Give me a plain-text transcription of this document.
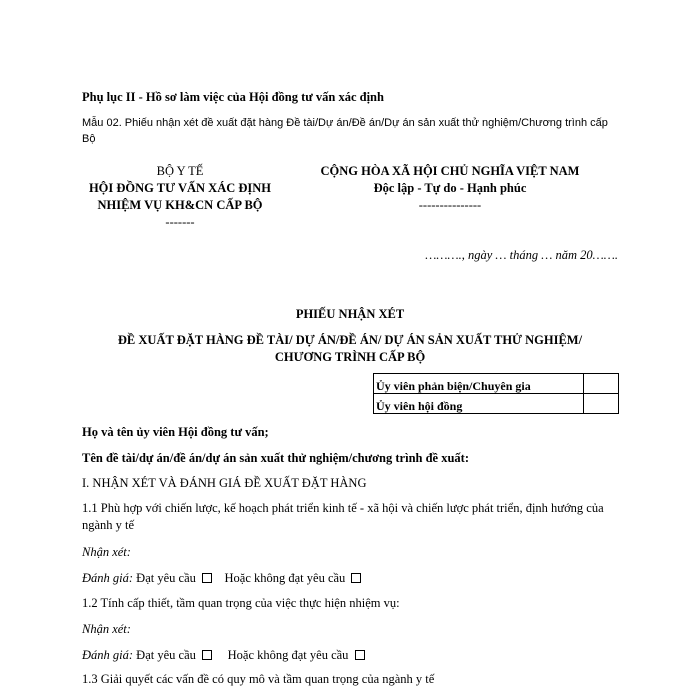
Phụ lục II - Hồ sơ làm việc của Hội đồng tư vấn xác định
Mẫu 02. Phiếu nhận xét đề xuất đặt hàng Đề tài/Dự án/Đề án/Dự án sản xuất thử nghiệm/Chương trình cấp Bộ
BỘ Y TẾ
HỘI ĐỒNG TƯ VẤN XÁC ĐỊNH
NHIỆM VỤ KH&CN CẤP BỘ
-------
CỘNG HÒA XÃ HỘI CHỦ NGHĨA VIỆT NAM
Độc lập - Tự do - Hạnh phúc
---------------
………., ngày … tháng … năm 20…….
PHIẾU NHẬN XÉT
ĐỀ XUẤT ĐẶT HÀNG ĐỀ TÀI/ DỰ ÁN/ĐỀ ÁN/ DỰ ÁN SẢN XUẤT THỬ NGHIỆM/
CHƯƠNG TRÌNH CẤP BỘ
Ủy viên phản biện/Chuyên gia	
Ủy viên hội đồng	
Họ và tên ủy viên Hội đồng tư vấn;
Tên đề tài/dự án/đề án/dự án sản xuất thử nghiệm/chương trình đề xuất:
I. NHẬN XÉT VÀ ĐÁNH GIÁ ĐỀ XUẤT ĐẶT HÀNG
1.1 Phù hợp với chiến lược, kế hoạch phát triển kinh tế - xã hội và chiến lược phát triển, định hướng của ngành y tế
Nhận xét:
Đánh giá: Đạt yêu cầu Hoặc không đạt yêu cầu
1.2 Tính cấp thiết, tầm quan trọng của việc thực hiện nhiệm vụ:
Nhận xét:
Đánh giá: Đạt yêu cầu	Hoặc không đạt yêu cầu
1.3 Giải quyết các vấn đề có quy mô và tầm quan trọng của ngành y tế
